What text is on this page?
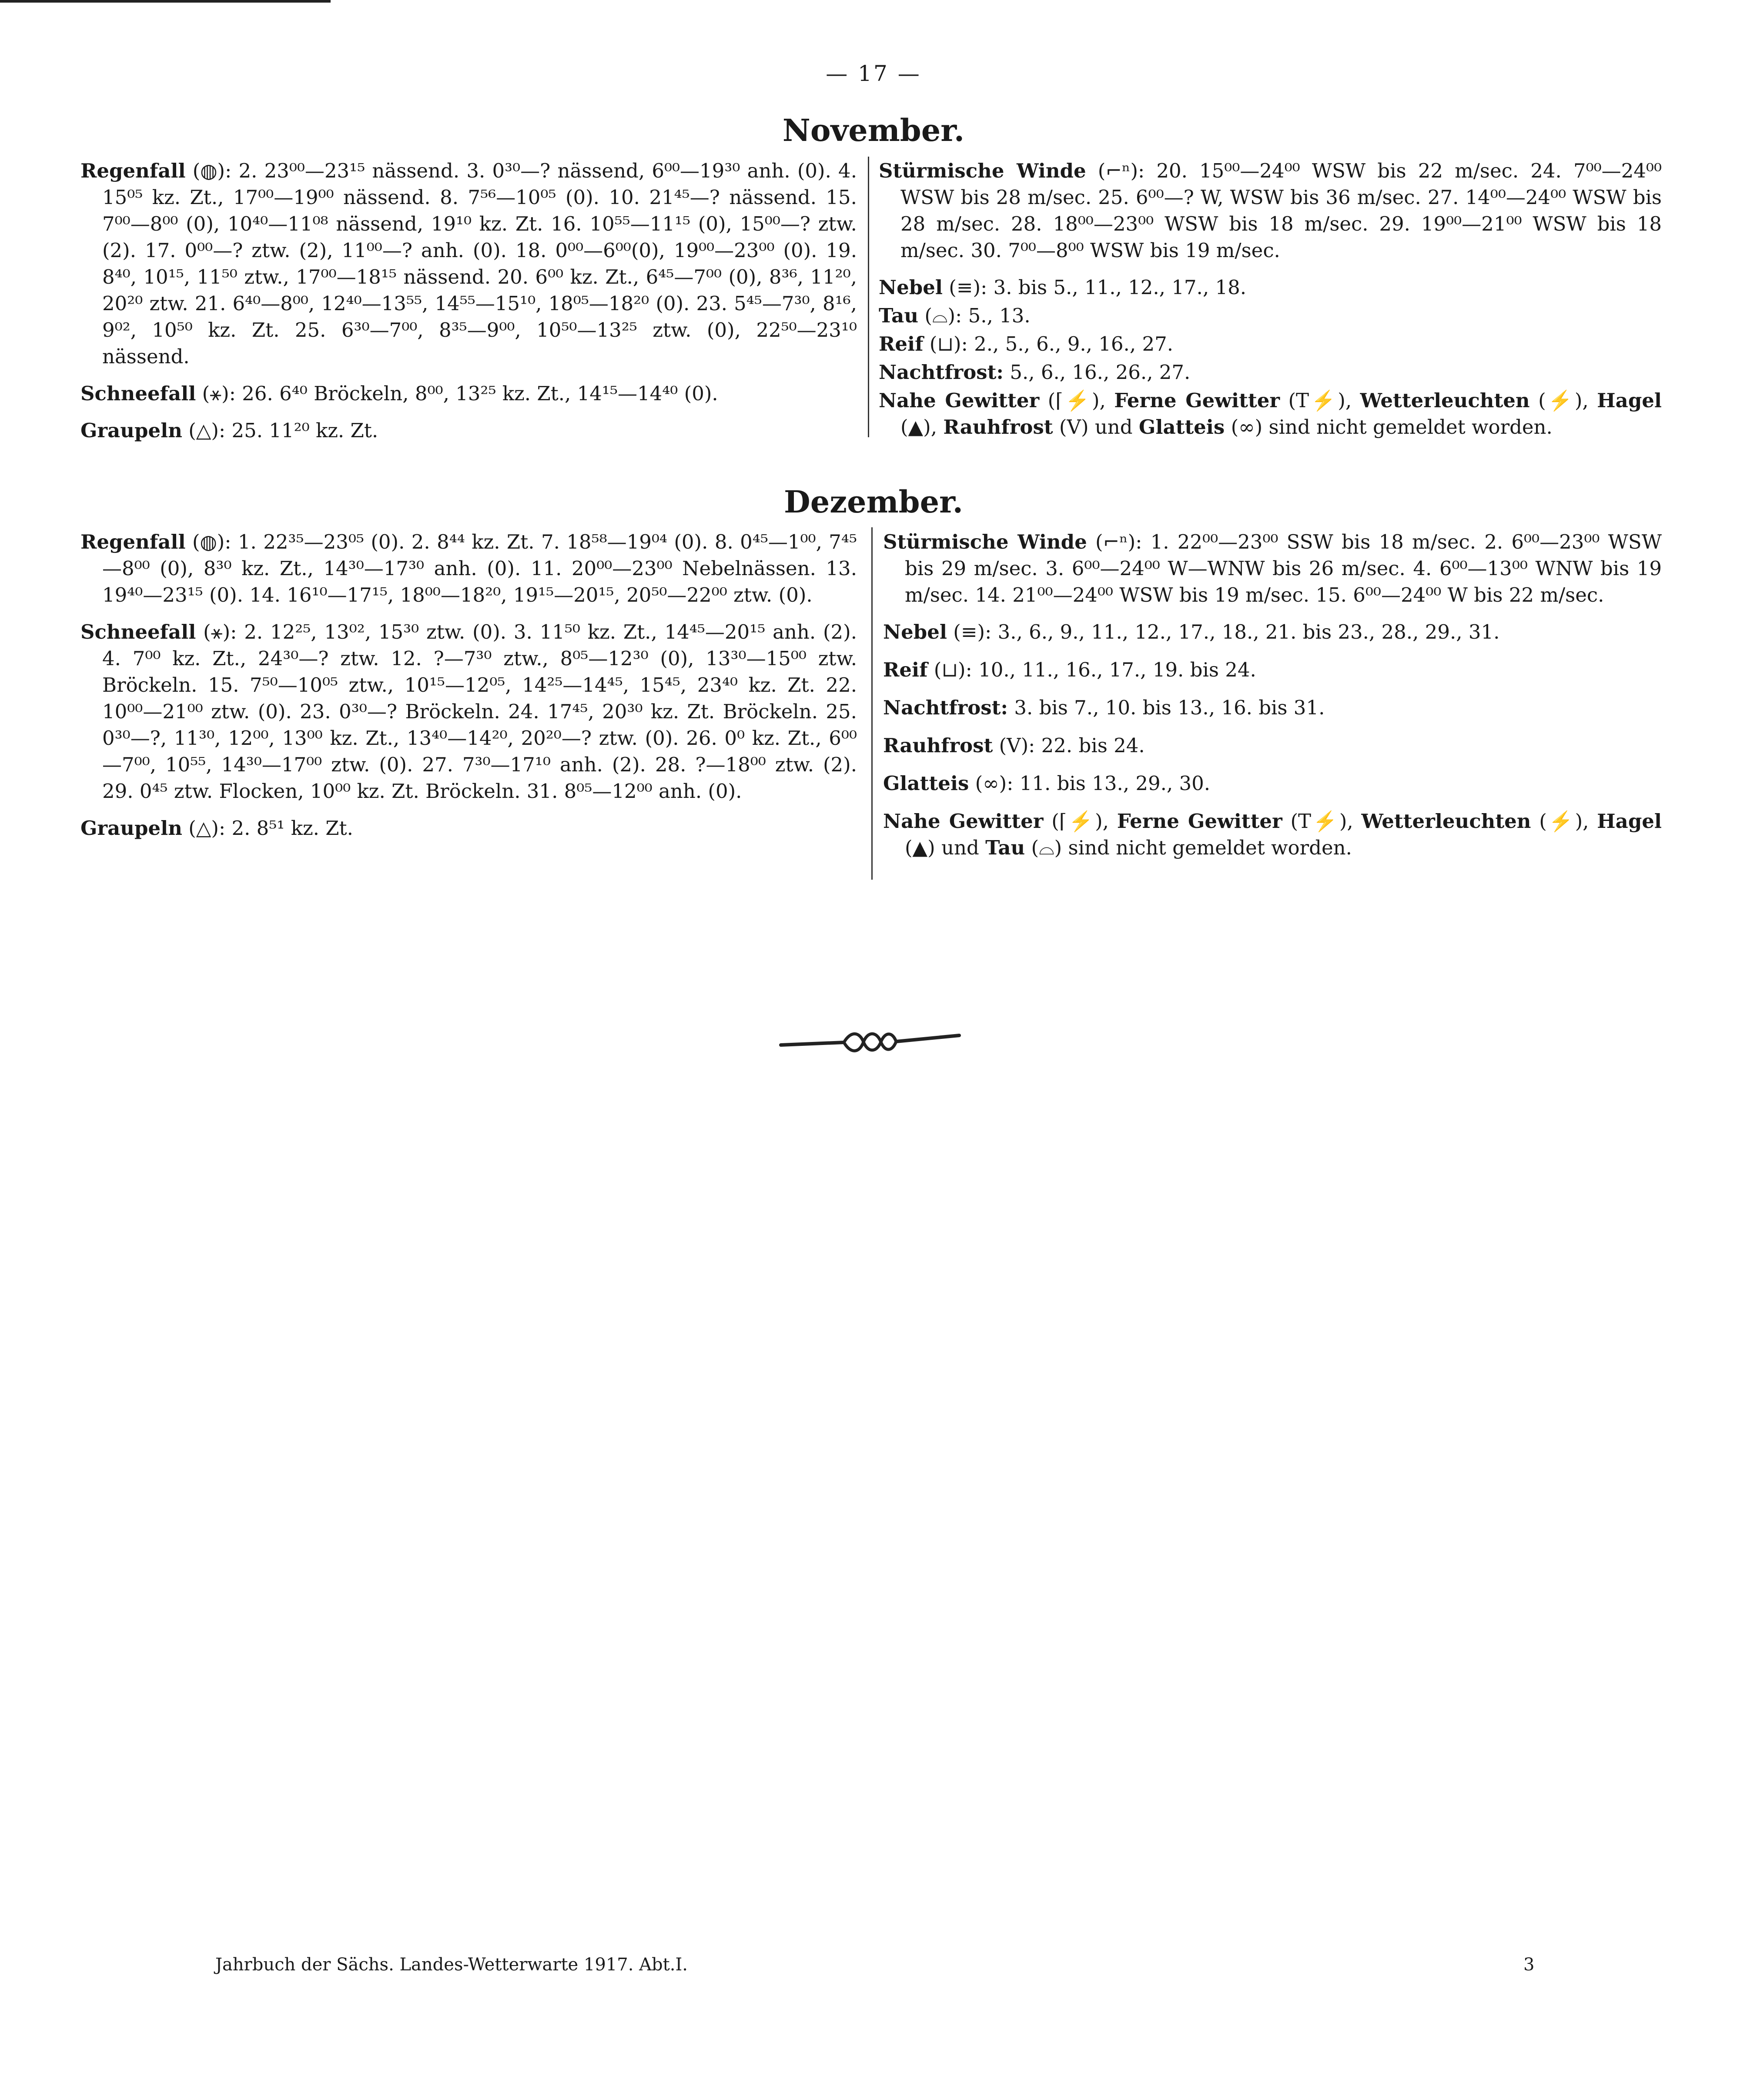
— 17 —
November.

Regenfall (◍): 2. 23⁰⁰—23¹⁵ nässend. 3. 0³⁰—? nässend, 6⁰⁰—19³⁰ anh. (0). 4. 15⁰⁵ kz. Zt., 17⁰⁰—19⁰⁰ nässend. 8. 7⁵⁶—10⁰⁵ (0). 10. 21⁴⁵—? nässend. 15. 7⁰⁰—8⁰⁰ (0), 10⁴⁰—11⁰⁸ nässend, 19¹⁰ kz. Zt. 16. 10⁵⁵—11¹⁵ (0), 15⁰⁰—? ztw. (2). 17. 0⁰⁰—? ztw. (2), 11⁰⁰—? anh. (0). 18. 0⁰⁰—6⁰⁰(0), 19⁰⁰—23⁰⁰ (0). 19. 8⁴⁰, 10¹⁵, 11⁵⁰ ztw., 17⁰⁰—18¹⁵ nässend. 20. 6⁰⁰ kz. Zt., 6⁴⁵—7⁰⁰ (0), 8³⁶, 11²⁰, 20²⁰ ztw. 21. 6⁴⁰—8⁰⁰, 12⁴⁰—13⁵⁵, 14⁵⁵—15¹⁰, 18⁰⁵—18²⁰ (0). 23. 5⁴⁵—7³⁰, 8¹⁶, 9⁰², 10⁵⁰ kz. Zt. 25. 6³⁰—7⁰⁰, 8³⁵—9⁰⁰, 10⁵⁰—13²⁵ ztw. (0), 22⁵⁰—23¹⁰ nässend.

Schneefall (⚹): 26. 6⁴⁰ Bröckeln, 8⁰⁰, 13²⁵ kz. Zt., 14¹⁵—14⁴⁰ (0).

Graupeln (△): 25. 11²⁰ kz. Zt.

Stürmische Winde (⌐ⁿ): 20. 15⁰⁰—24⁰⁰ WSW bis 22 m/sec. 24. 7⁰⁰—24⁰⁰ WSW bis 28 m/sec. 25. 6⁰⁰—? W, WSW bis 36 m/sec. 27. 14⁰⁰—24⁰⁰ WSW bis 28 m/sec. 28. 18⁰⁰—23⁰⁰ WSW bis 18 m/sec. 29. 19⁰⁰—21⁰⁰ WSW bis 18 m/sec. 30. 7⁰⁰—8⁰⁰ WSW bis 19 m/sec.

Nebel (≡): 3. bis 5., 11., 12., 17., 18.

Tau (⌓): 5., 13.

Reif (⊔): 2., 5., 6., 9., 16., 27.

Nachtfrost: 5., 6., 16., 26., 27.

Nahe Gewitter (⌈⚡), Ferne Gewitter (T⚡), Wetterleuchten (⚡), Hagel (▲), Rauhfrost (V) und Glatteis (∞) sind nicht gemeldet worden.

Dezember.

Regenfall (◍): 1. 22³⁵—23⁰⁵ (0). 2. 8⁴⁴ kz. Zt. 7. 18⁵⁸—19⁰⁴ (0). 8. 0⁴⁵—1⁰⁰, 7⁴⁵—8⁰⁰ (0), 8³⁰ kz. Zt., 14³⁰—17³⁰ anh. (0). 11. 20⁰⁰—23⁰⁰ Nebelnässen. 13. 19⁴⁰—23¹⁵ (0). 14. 16¹⁰—17¹⁵, 18⁰⁰—18²⁰, 19¹⁵—20¹⁵, 20⁵⁰—22⁰⁰ ztw. (0).

Schneefall (⚹): 2. 12²⁵, 13⁰², 15³⁰ ztw. (0). 3. 11⁵⁰ kz. Zt., 14⁴⁵—20¹⁵ anh. (2). 4. 7⁰⁰ kz. Zt., 24³⁰—? ztw. 12. ?—7³⁰ ztw., 8⁰⁵—12³⁰ (0), 13³⁰—15⁰⁰ ztw. Bröckeln. 15. 7⁵⁰—10⁰⁵ ztw., 10¹⁵—12⁰⁵, 14²⁵—14⁴⁵, 15⁴⁵, 23⁴⁰ kz. Zt. 22. 10⁰⁰—21⁰⁰ ztw. (0). 23. 0³⁰—? Bröckeln. 24. 17⁴⁵, 20³⁰ kz. Zt. Bröckeln. 25. 0³⁰—?, 11³⁰, 12⁰⁰, 13⁰⁰ kz. Zt., 13⁴⁰—14²⁰, 20²⁰—? ztw. (0). 26. 0⁰ kz. Zt., 6⁰⁰—7⁰⁰, 10⁵⁵, 14³⁰—17⁰⁰ ztw. (0). 27. 7³⁰—17¹⁰ anh. (2). 28. ?—18⁰⁰ ztw. (2). 29. 0⁴⁵ ztw. Flocken, 10⁰⁰ kz. Zt. Bröckeln. 31. 8⁰⁵—12⁰⁰ anh. (0).

Graupeln (△): 2. 8⁵¹ kz. Zt.

Stürmische Winde (⌐ⁿ): 1. 22⁰⁰—23⁰⁰ SSW bis 18 m/sec. 2. 6⁰⁰—23⁰⁰ WSW bis 29 m/sec. 3. 6⁰⁰—24⁰⁰ W—WNW bis 26 m/sec. 4. 6⁰⁰—13⁰⁰ WNW bis 19 m/sec. 14. 21⁰⁰—24⁰⁰ WSW bis 19 m/sec. 15. 6⁰⁰—24⁰⁰ W bis 22 m/sec.

Nebel (≡): 3., 6., 9., 11., 12., 17., 18., 21. bis 23., 28., 29., 31.

Reif (⊔): 10., 11., 16., 17., 19. bis 24.

Nachtfrost: 3. bis 7., 10. bis 13., 16. bis 31.

Rauhfrost (V): 22. bis 24.

Glatteis (∞): 11. bis 13., 29., 30.

Nahe Gewitter (⌈⚡), Ferne Gewitter (T⚡), Wetterleuchten (⚡), Hagel (▲) und Tau (⌓) sind nicht gemeldet worden.

Jahrbuch der Sächs. Landes-Wetterwarte 1917. Abt.I.	3
